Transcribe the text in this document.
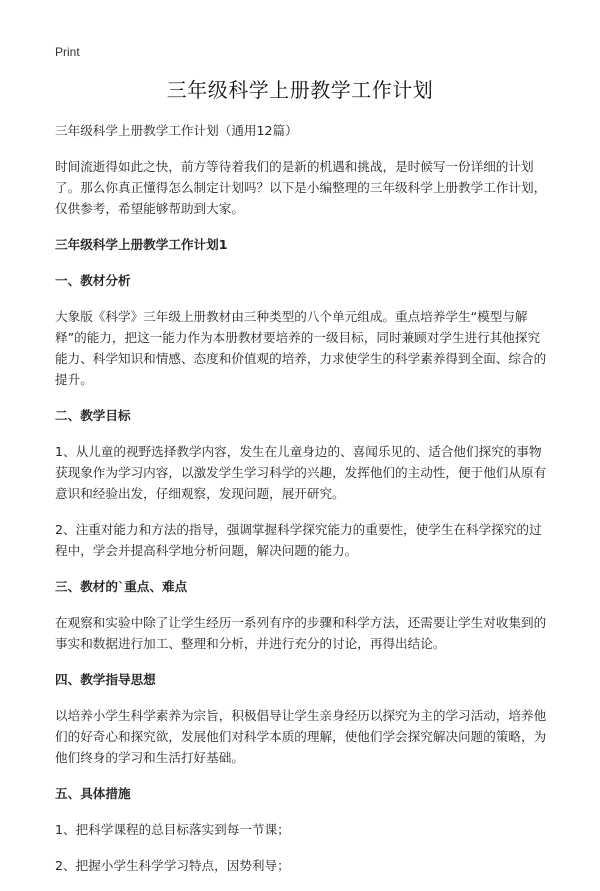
Print
三年级科学上册教学工作计划

三年级科学上册教学工作计划（通用12篇）

时间流逝得如此之快，前方等待着我们的是新的机遇和挑战，是时候写一份详细的计划了。那么你真正懂得怎么制定计划吗？以下是小编整理的三年级科学上册教学工作计划，仅供参考，希望能够帮助到大家。

三年级科学上册教学工作计划1

一、教材分析

大象版《科学》三年级上册教材由三种类型的八个单元组成。重点培养学生“模型与解释”的能力，把这一能力作为本册教材要培养的一级目标，同时兼顾对学生进行其他探究能力、科学知识和情感、态度和价值观的培养，力求使学生的科学素养得到全面、综合的提升。

二、教学目标

1、从儿童的视野选择教学内容，发生在儿童身边的、喜闻乐见的、适合他们探究的事物获现象作为学习内容，以激发学生学习科学的兴趣，发挥他们的主动性，便于他们从原有意识和经验出发，仔细观察，发现问题，展开研究。

2、注重对能力和方法的指导，强调掌握科学探究能力的重要性，使学生在科学探究的过程中，学会并提高科学地分析问题，解决问题的能力。

三、教材的`重点、难点

在观察和实验中除了让学生经历一系列有序的步骤和科学方法，还需要让学生对收集到的事实和数据进行加工、整理和分析，并进行充分的讨论，再得出结论。

四、教学指导思想

以培养小学生科学素养为宗旨，积极倡导让学生亲身经历以探究为主的学习活动，培养他们的好奇心和探究欲，发展他们对科学本质的理解，使他们学会探究解决问题的策略，为他们终身的学习和生活打好基础。

五、具体措施

1、把科学课程的总目标落实到每一节课；

2、把握小学生科学学习特点，因势利导；
